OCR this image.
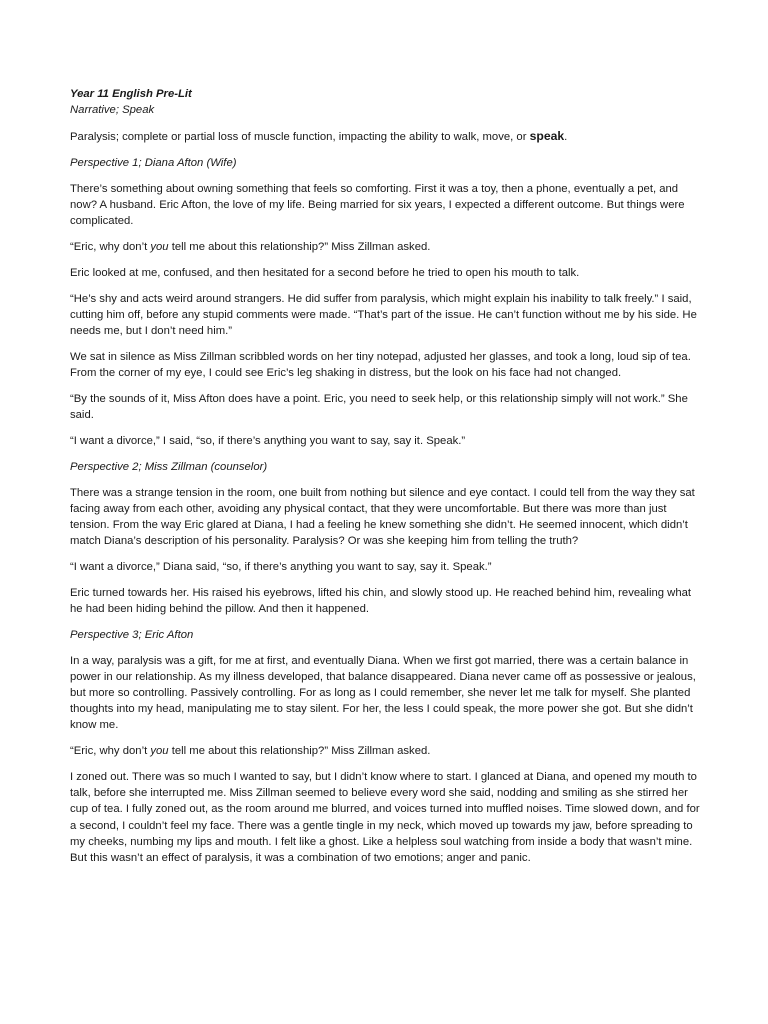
Year 11 English Pre-Lit

Narrative; Speak

Paralysis; complete or partial loss of muscle function, impacting the ability to walk, move, or speak.

Perspective 1; Diana Afton (Wife)

There’s something about owning something that feels so comforting. First it was a toy, then a phone, eventually a pet, and now? A husband. Eric Afton, the love of my life. Being married for six years, I expected a different outcome. But things were complicated.

“Eric, why don’t you tell me about this relationship?” Miss Zillman asked.

Eric looked at me, confused, and then hesitated for a second before he tried to open his mouth to talk.

“He’s shy and acts weird around strangers. He did suffer from paralysis, which might explain his inability to talk freely.” I said, cutting him off, before any stupid comments were made. “That’s part of the issue. He can’t function without me by his side. He needs me, but I don’t need him.”

We sat in silence as Miss Zillman scribbled words on her tiny notepad, adjusted her glasses, and took a long, loud sip of tea. From the corner of my eye, I could see Eric’s leg shaking in distress, but the look on his face had not changed.

“By the sounds of it, Miss Afton does have a point. Eric, you need to seek help, or this relationship simply will not work.” She said.

“I want a divorce,” I said, “so, if there’s anything you want to say, say it. Speak.”

Perspective 2; Miss Zillman (counselor)

There was a strange tension in the room, one built from nothing but silence and eye contact. I could tell from the way they sat facing away from each other, avoiding any physical contact, that they were uncomfortable. But there was more than just tension. From the way Eric glared at Diana, I had a feeling he knew something she didn’t. He seemed innocent, which didn’t match Diana’s description of his personality. Paralysis? Or was she keeping him from telling the truth?

“I want a divorce,” Diana said, “so, if there’s anything you want to say, say it. Speak.”

Eric turned towards her. His raised his eyebrows, lifted his chin, and slowly stood up. He reached behind him, revealing what he had been hiding behind the pillow. And then it happened.

Perspective 3; Eric Afton

In a way, paralysis was a gift, for me at first, and eventually Diana. When we first got married, there was a certain balance in power in our relationship. As my illness developed, that balance disappeared. Diana never came off as possessive or jealous, but more so controlling. Passively controlling. For as long as I could remember, she never let me talk for myself. She planted thoughts into my head, manipulating me to stay silent. For her, the less I could speak, the more power she got. But she didn’t know me.

“Eric, why don’t you tell me about this relationship?” Miss Zillman asked.

I zoned out. There was so much I wanted to say, but I didn’t know where to start. I glanced at Diana, and opened my mouth to talk, before she interrupted me. Miss Zillman seemed to believe every word she said, nodding and smiling as she stirred her cup of tea. I fully zoned out, as the room around me blurred, and voices turned into muffled noises. Time slowed down, and for a second, I couldn’t feel my face. There was a gentle tingle in my neck, which moved up towards my jaw, before spreading to my cheeks, numbing my lips and mouth. I felt like a ghost. Like a helpless soul watching from inside a body that wasn’t mine. But this wasn’t an effect of paralysis, it was a combination of two emotions; anger and panic.
